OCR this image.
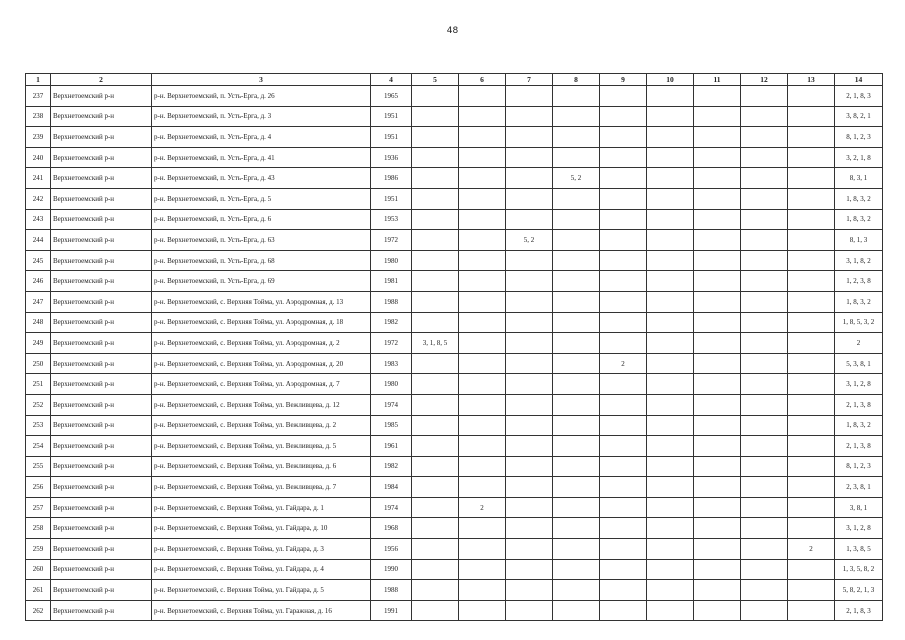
48
1	2	3	4	5	6	7	8	9	10	11	12	13	14
237	Верхнетоемский р-н	р-н. Верхнетоемский, п. Усть-Ерга, д. 26	1965										2, 1, 8, 3
238	Верхнетоемский р-н	р-н. Верхнетоемский, п. Усть-Ерга, д. 3	1951										3, 8, 2, 1
239	Верхнетоемский р-н	р-н. Верхнетоемский, п. Усть-Ерга, д. 4	1951										8, 1, 2, 3
240	Верхнетоемский р-н	р-н. Верхнетоемский, п. Усть-Ерга, д. 41	1936										3, 2, 1, 8
241	Верхнетоемский р-н	р-н. Верхнетоемский, п. Усть-Ерга, д. 43	1986				5, 2						8, 3, 1
242	Верхнетоемский р-н	р-н. Верхнетоемский, п. Усть-Ерга, д. 5	1951										1, 8, 3, 2
243	Верхнетоемский р-н	р-н. Верхнетоемский, п. Усть-Ерга, д. 6	1953										1, 8, 3, 2
244	Верхнетоемский р-н	р-н. Верхнетоемский, п. Усть-Ерга, д. 63	1972			5, 2							8, 1, 3
245	Верхнетоемский р-н	р-н. Верхнетоемский, п. Усть-Ерга, д. 68	1980										3, 1, 8, 2
246	Верхнетоемский р-н	р-н. Верхнетоемский, п. Усть-Ерга, д. 69	1981										1, 2, 3, 8
247	Верхнетоемский р-н	р-н. Верхнетоемский, с. Верхняя Тойма, ул. Аэродромная, д. 13	1988										1, 8, 3, 2
248	Верхнетоемский р-н	р-н. Верхнетоемский, с. Верхняя Тойма, ул. Аэродромная, д. 18	1982										1, 8, 5, 3, 2
249	Верхнетоемский р-н	р-н. Верхнетоемский, с. Верхняя Тойма, ул. Аэродромная, д. 2	1972	3, 1, 8, 5									2
250	Верхнетоемский р-н	р-н. Верхнетоемский, с. Верхняя Тойма, ул. Аэродромная, д. 20	1983					2					5, 3, 8, 1
251	Верхнетоемский р-н	р-н. Верхнетоемский, с. Верхняя Тойма, ул. Аэродромная, д. 7	1980										3, 1, 2, 8
252	Верхнетоемский р-н	р-н. Верхнетоемский, с. Верхняя Тойма, ул. Вежливцева, д. 12	1974										2, 1, 3, 8
253	Верхнетоемский р-н	р-н. Верхнетоемский, с. Верхняя Тойма, ул. Вежливцева, д. 2	1985										1, 8, 3, 2
254	Верхнетоемский р-н	р-н. Верхнетоемский, с. Верхняя Тойма, ул. Вежливцева, д. 5	1961										2, 1, 3, 8
255	Верхнетоемский р-н	р-н. Верхнетоемский, с. Верхняя Тойма, ул. Вежливцева, д. 6	1982										8, 1, 2, 3
256	Верхнетоемский р-н	р-н. Верхнетоемский, с. Верхняя Тойма, ул. Вежливцева, д. 7	1984										2, 3, 8, 1
257	Верхнетоемский р-н	р-н. Верхнетоемский, с. Верхняя Тойма, ул. Гайдара, д. 1	1974		2								3, 8, 1
258	Верхнетоемский р-н	р-н. Верхнетоемский, с. Верхняя Тойма, ул. Гайдара, д. 10	1968										3, 1, 2, 8
259	Верхнетоемский р-н	р-н. Верхнетоемский, с. Верхняя Тойма, ул. Гайдара, д. 3	1956									2	1, 3, 8, 5
260	Верхнетоемский р-н	р-н. Верхнетоемский, с. Верхняя Тойма, ул. Гайдара, д. 4	1990										1, 3, 5, 8, 2
261	Верхнетоемский р-н	р-н. Верхнетоемский, с. Верхняя Тойма, ул. Гайдара, д. 5	1988										5, 8, 2, 1, 3
262	Верхнетоемский р-н	р-н. Верхнетоемский, с. Верхняя Тойма, ул. Гаражная, д. 16	1991										2, 1, 8, 3
